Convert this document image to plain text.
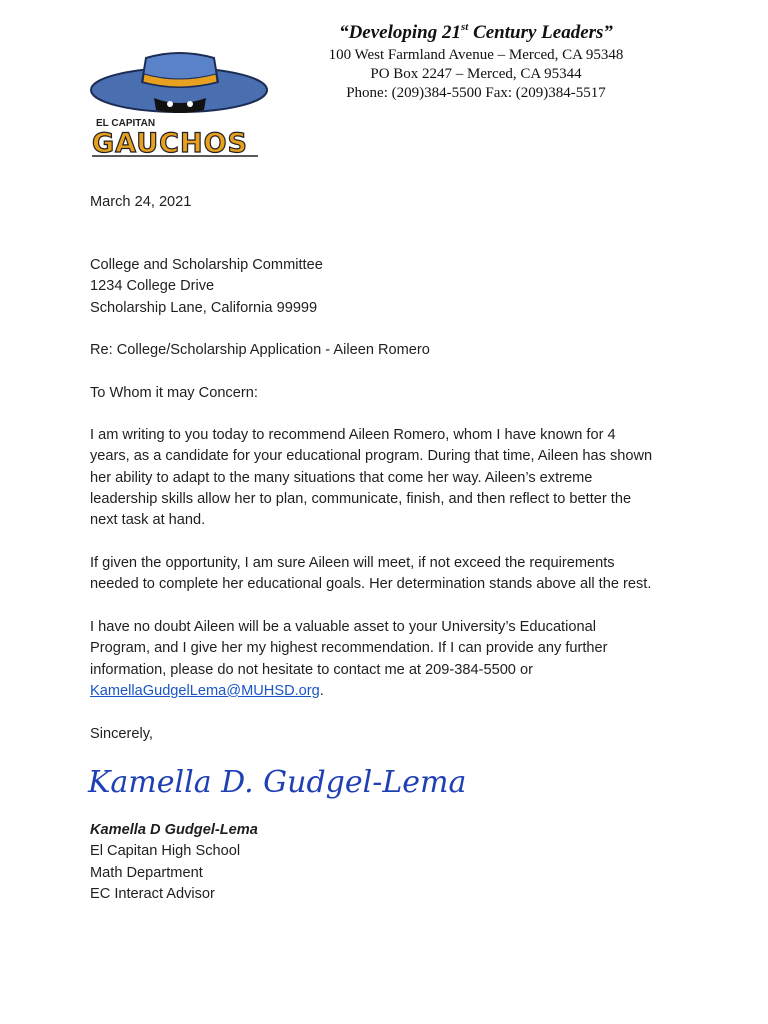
EL CAPITAN
GAUCHOS
“Developing 21st Century Leaders”
100 West Farmland Avenue – Merced, CA 95348
PO Box 2247 – Merced, CA 95344
Phone: (209)384-5500 Fax: (209)384-5517
March 24, 2021
College and Scholarship Committee
1234 College Drive
Scholarship Lane, California 99999
Re: College/Scholarship Application - Aileen Romero
To Whom it may Concern:
I am writing to you today to recommend Aileen Romero, whom I have known for 4
years, as a candidate for your educational program. During that time, Aileen has shown
her ability to adapt to the many situations that come her way. Aileen’s extreme
leadership skills allow her to plan, communicate, finish, and then reflect to better the
next task at hand.
If given the opportunity, I am sure Aileen will meet, if not exceed the requirements
needed to complete her educational goals. Her determination stands above all the rest.
I have no doubt Aileen will be a valuable asset to your University’s Educational
Program, and I give her my highest recommendation. If I can provide any further
information, please do not hesitate to contact me at 209-384-5500 or
KamellaGudgelLema@MUHSD.org.
Sincerely,
Kamella D. Gudgel-Lema
Kamella D Gudgel-Lema
El Capitan High School
Math Department
EC Interact Advisor
